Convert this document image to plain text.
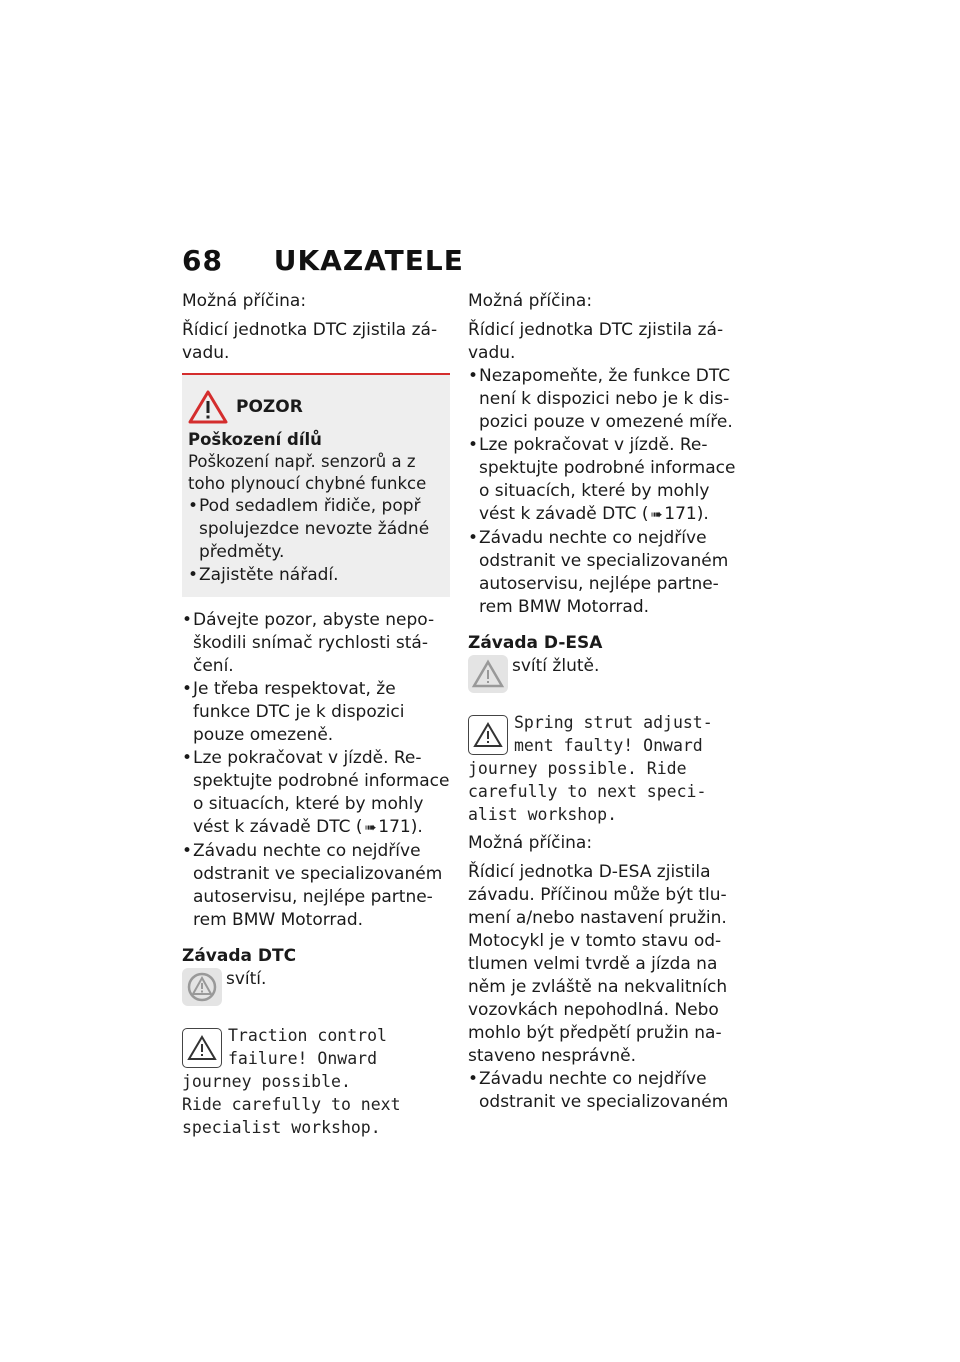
68 UKAZATELE

Možná příčina:

Řídicí jednotka DTC zjistila zá-vadu.

POZOR

Poškození dílů

Poškození např. senzorů a z toho plynoucí chybné funkce

• Pod sedadlem řidiče, popř spolujezdce nevozte žádné předměty.
• Zajistěte nářadí.
• Dávejte pozor, abyste nepo-škodili snímač rychlosti stá-čení.
• Je třeba respektovat, že funkce DTC je k dispozici pouze omezeně.
• Lze pokračovat v jízdě. Re-spektujte podrobné informace o situacích, které by mohly vést k závadě DTC ( ➠ 171).
• Závadu nechte co nejdříve odstranit ve specializovaném autoservisu, nejlépe partne-rem BMW Motorrad.
Závada DTC
svítí.
Traction control
failure! Onward
journey possible.
Ride carefully to next
specialist workshop.

Možná příčina:

Řídicí jednotka DTC zjistila zá-vadu.

• Nezapomeňte, že funkce DTC není k dispozici nebo je k dis-pozici pouze v omezené míře.
• Lze pokračovat v jízdě. Re-spektujte podrobné informace o situacích, které by mohly vést k závadě DTC ( ➠ 171).
• Závadu nechte co nejdříve odstranit ve specializovaném autoservisu, nejlépe partne-rem BMW Motorrad.
Závada D-ESA
svítí žlutě.
Spring strut adjust-
ment faulty! Onward
journey possible. Ride
carefully to next speci-
alist workshop.

Možná příčina:

Řídicí jednotka D-ESA zjistila závadu. Příčinou může být tlu-mení a/nebo nastavení pružin. Motocykl je v tomto stavu od-tlumen velmi tvrdě a jízda na něm je zvláště na nekvalitních vozovkách nepohodlná. Nebo mohlo být předpětí pružin na-staveno nesprávně.

• Závadu nechte co nejdříve odstranit ve specializovaném
